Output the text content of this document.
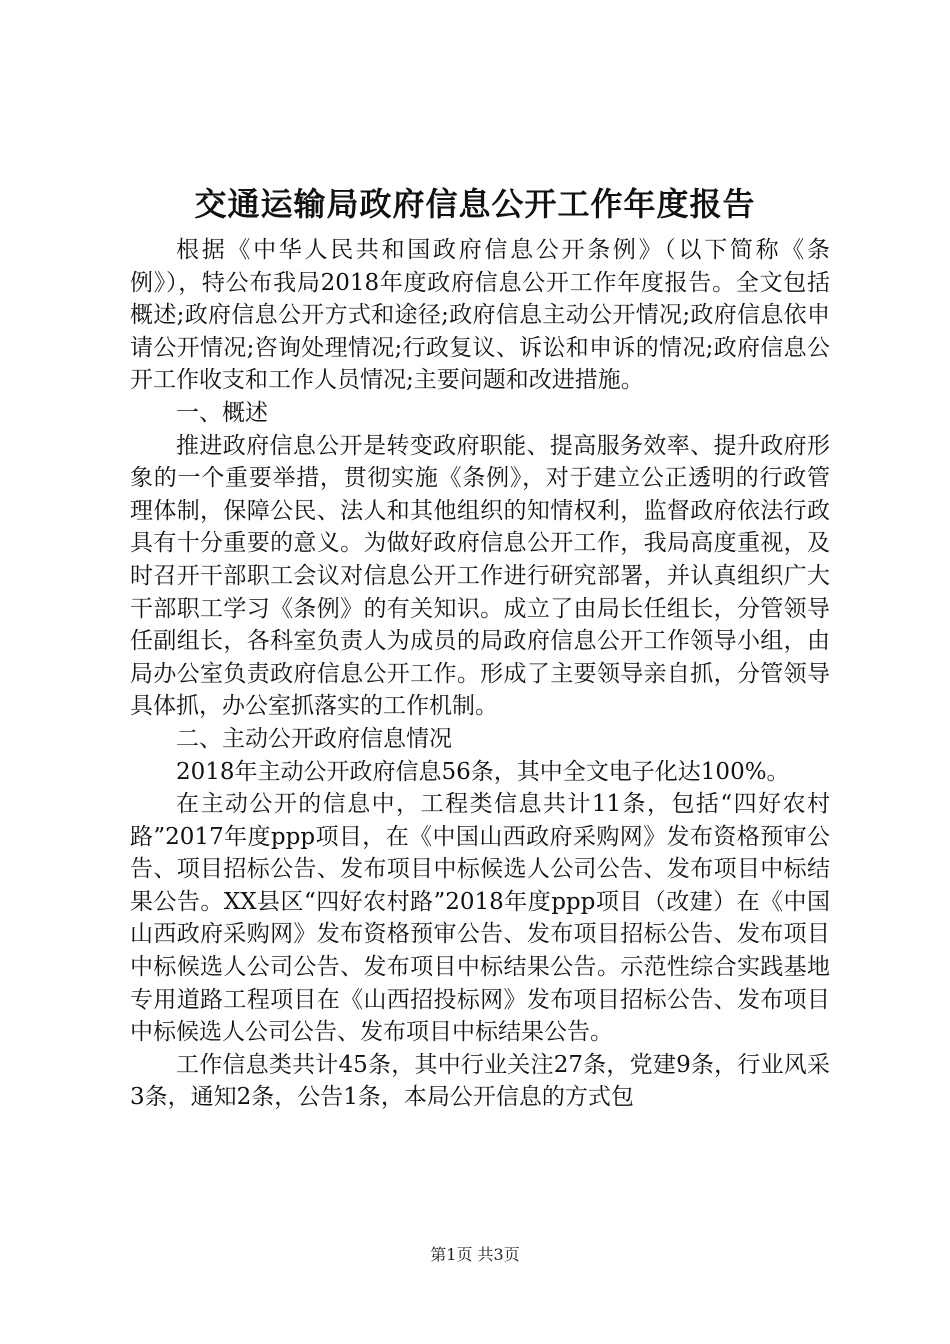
交通运输局政府信息公开工作年度报告

根据《中华人民共和国政府信息公开条例》（以下简称《条例》），特公布我局2018年度政府信息公开工作年度报告。全文包括概述;政府信息公开方式和途径;政府信息主动公开情况;政府信息依申请公开情况;咨询处理情况;行政复议、诉讼和申诉的情况;政府信息公开工作收支和工作人员情况;主要问题和改进措施。

一、概述

推进政府信息公开是转变政府职能、提高服务效率、提升政府形象的一个重要举措，贯彻实施《条例》，对于建立公正透明的行政管理体制，保障公民、法人和其他组织的知情权利，监督政府依法行政具有十分重要的意义。为做好政府信息公开工作，我局高度重视，及时召开干部职工会议对信息公开工作进行研究部署，并认真组织广大干部职工学习《条例》的有关知识。成立了由局长任组长，分管领导任副组长，各科室负责人为成员的局政府信息公开工作领导小组，由局办公室负责政府信息公开工作。形成了主要领导亲自抓，分管领导具体抓，办公室抓落实的工作机制。

二、主动公开政府信息情况

2018年主动公开政府信息56条，其中全文电子化达100%。

在主动公开的信息中，工程类信息共计11条，包括“四好农村路”2017年度ppp项目，在《中国山西政府采购网》发布资格预审公告、项目招标公告、发布项目中标候选人公司公告、发布项目中标结果公告。XX县区“四好农村路”2018年度ppp项目（改建）在《中国山西政府采购网》发布资格预审公告、发布项目招标公告、发布项目中标候选人公司公告、发布项目中标结果公告。示范性综合实践基地专用道路工程项目在《山西招投标网》发布项目招标公告、发布项目中标候选人公司公告、发布项目中标结果公告。

工作信息类共计45条，其中行业关注27条，党建9条，行业风采3条，通知2条，公告1条，本局公开信息的方式包

第1页 共3页
